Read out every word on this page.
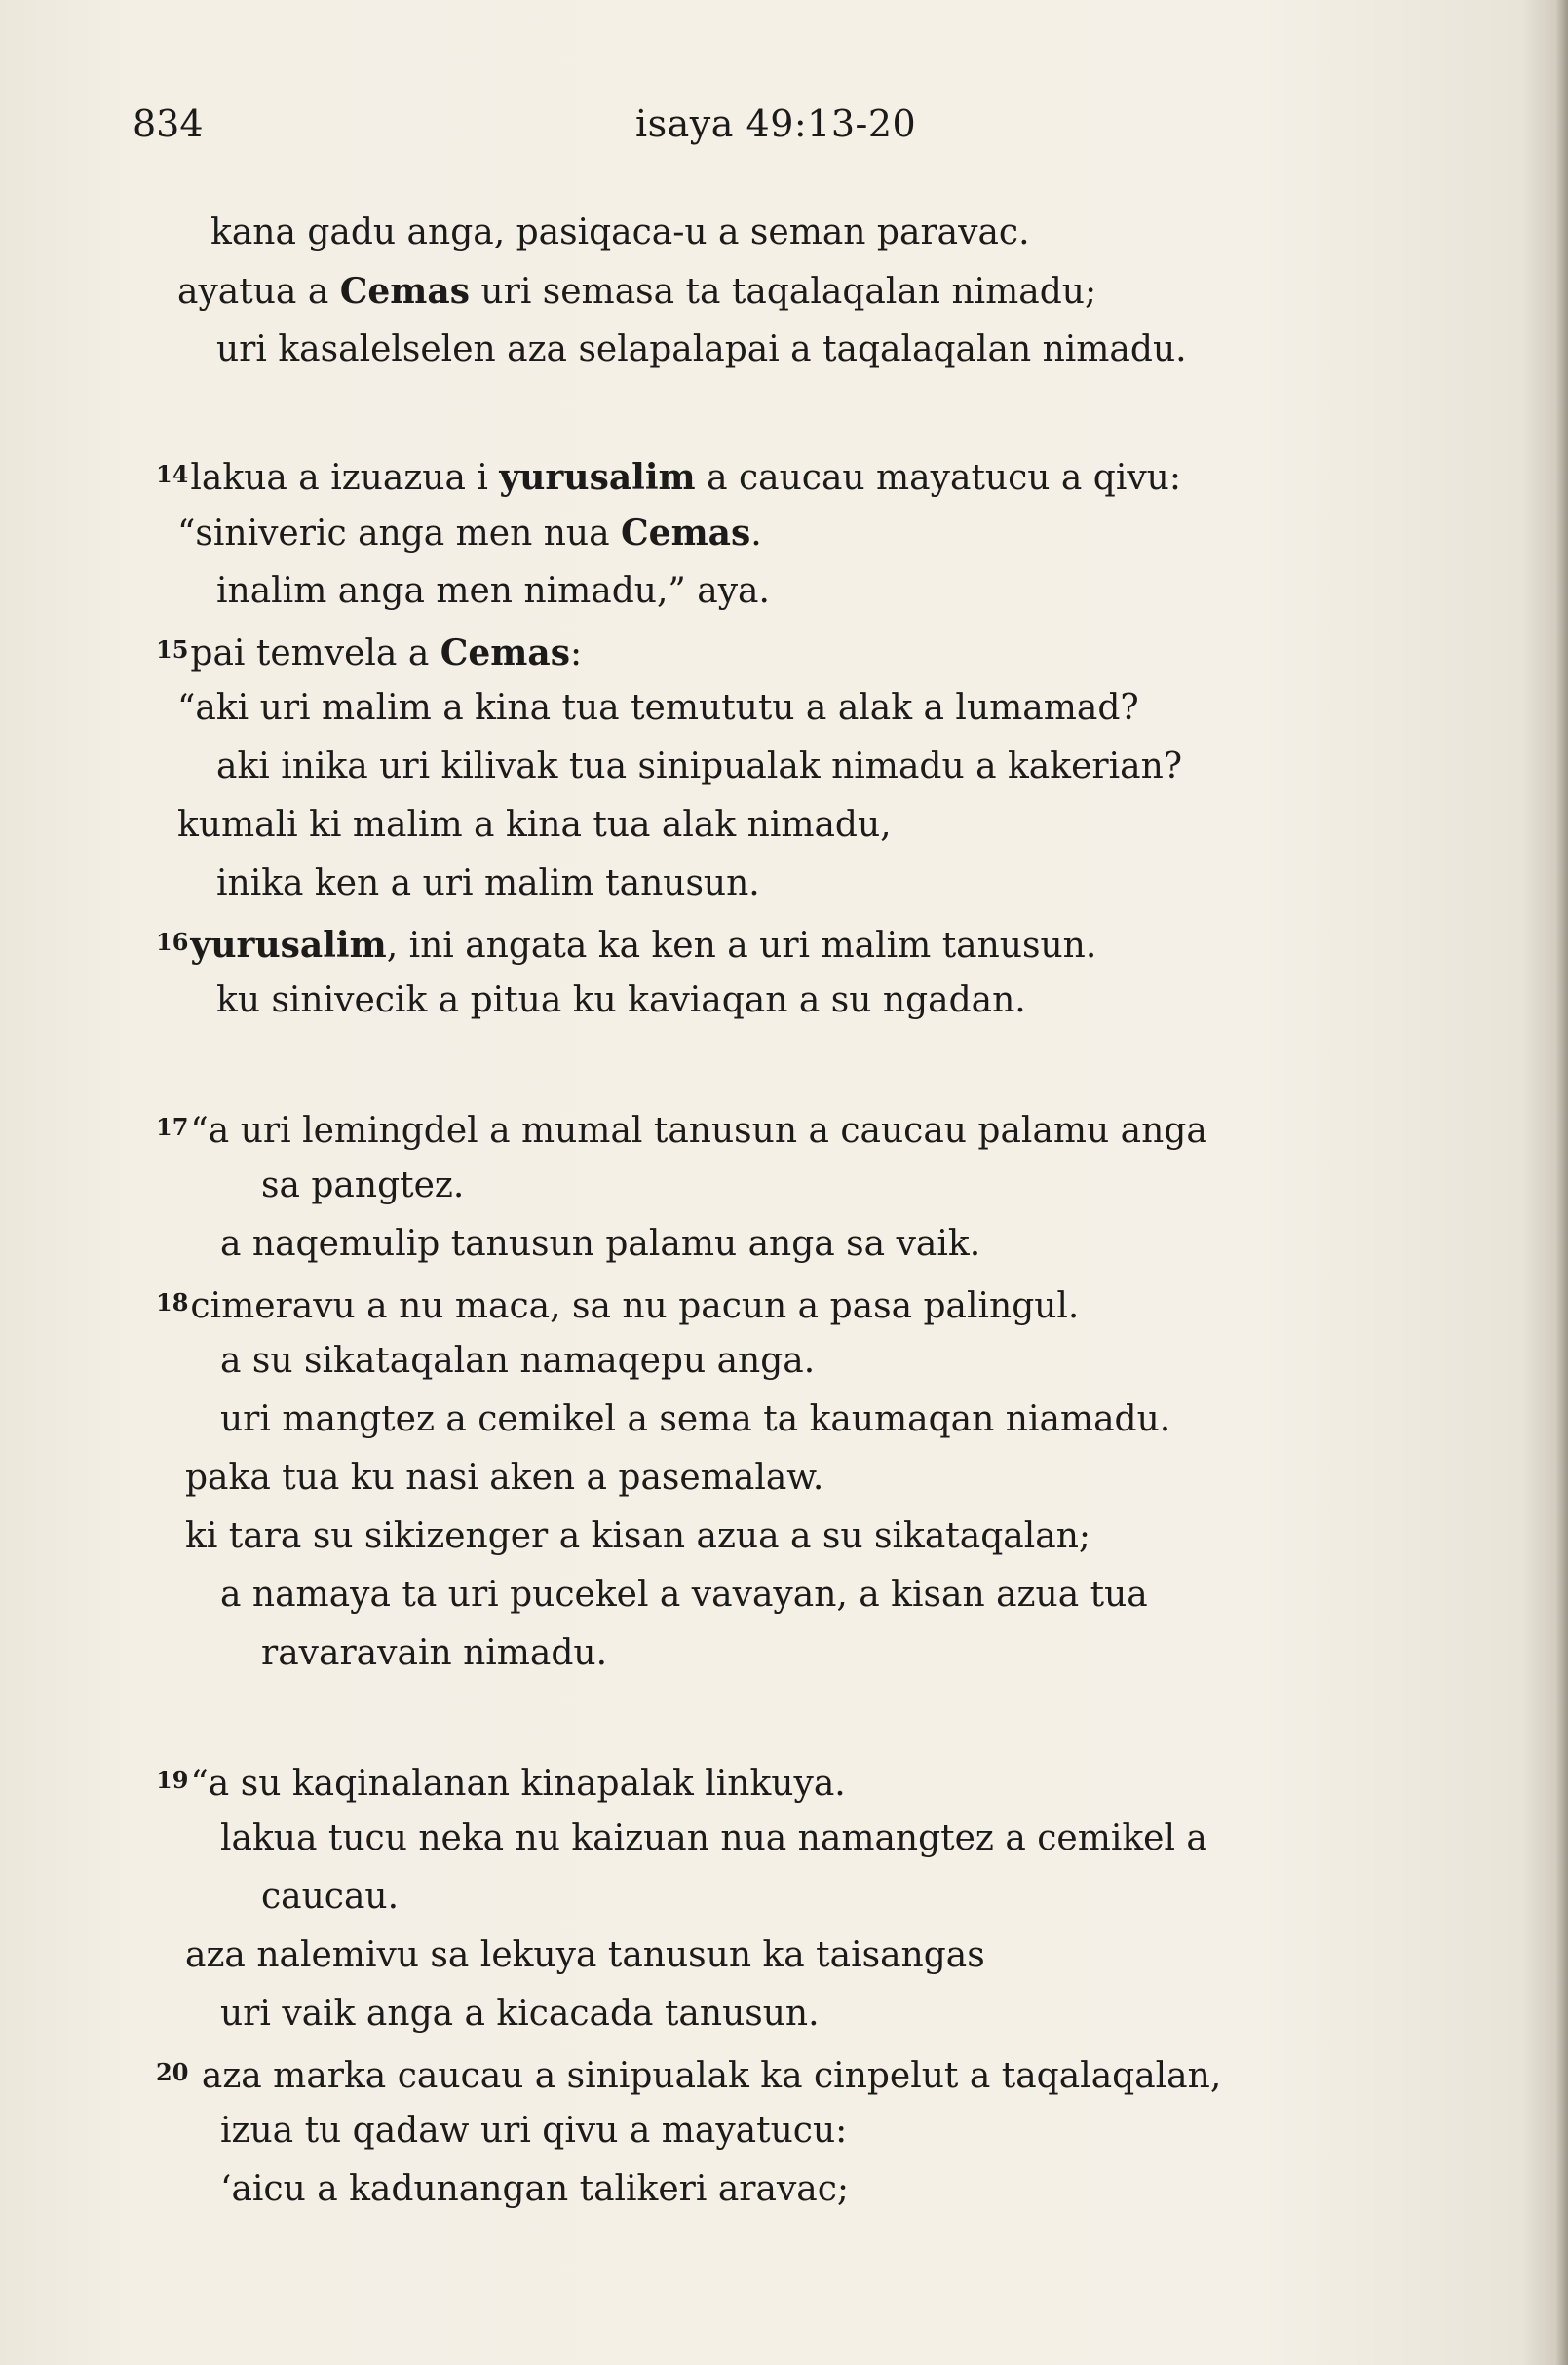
834	isaya 49:13-20
kana gadu anga, pasiqaca-u a seman paravac.
ayatua a Cemas uri semasa ta taqalaqalan nimadu;
uri kasalelselen aza selapalapai a taqalaqalan nimadu.
14lakua a izuazua i yurusalim a caucau mayatucu a qivu:
“siniveric anga men nua Cemas.
inalim anga men nimadu,” aya.
15pai temvela a Cemas:
“aki uri malim a kina tua temututu a alak a lumamad?
aki inika uri kilivak tua sinipualak nimadu a kakerian?
kumali ki malim a kina tua alak nimadu,
inika ken a uri malim tanusun.
16yurusalim, ini angata ka ken a uri malim tanusun.
ku sinivecik a pitua ku kaviaqan a su ngadan.
17“a uri lemingdel a mumal tanusun a caucau palamu anga
sa pangtez.
a naqemulip tanusun palamu anga sa vaik.
18cimeravu a nu maca, sa nu pacun a pasa palingul.
a su sikataqalan namaqepu anga.
uri mangtez a cemikel a sema ta kaumaqan niamadu.
paka tua ku nasi aken a pasemalaw.
ki tara su sikizenger a kisan azua a su sikataqalan;
a namaya ta uri pucekel a vavayan, a kisan azua tua
ravaravain nimadu.
19“a su kaqinalanan kinapalak linkuya.
lakua tucu neka nu kaizuan nua namangtez a cemikel a
caucau.
aza nalemivu sa lekuya tanusun ka taisangas
uri vaik anga a kicacada tanusun.
20 aza marka caucau a sinipualak ka cinpelut a taqalaqalan,
izua tu qadaw uri qivu a mayatucu:
‘aicu a kadunangan talikeri aravac;
